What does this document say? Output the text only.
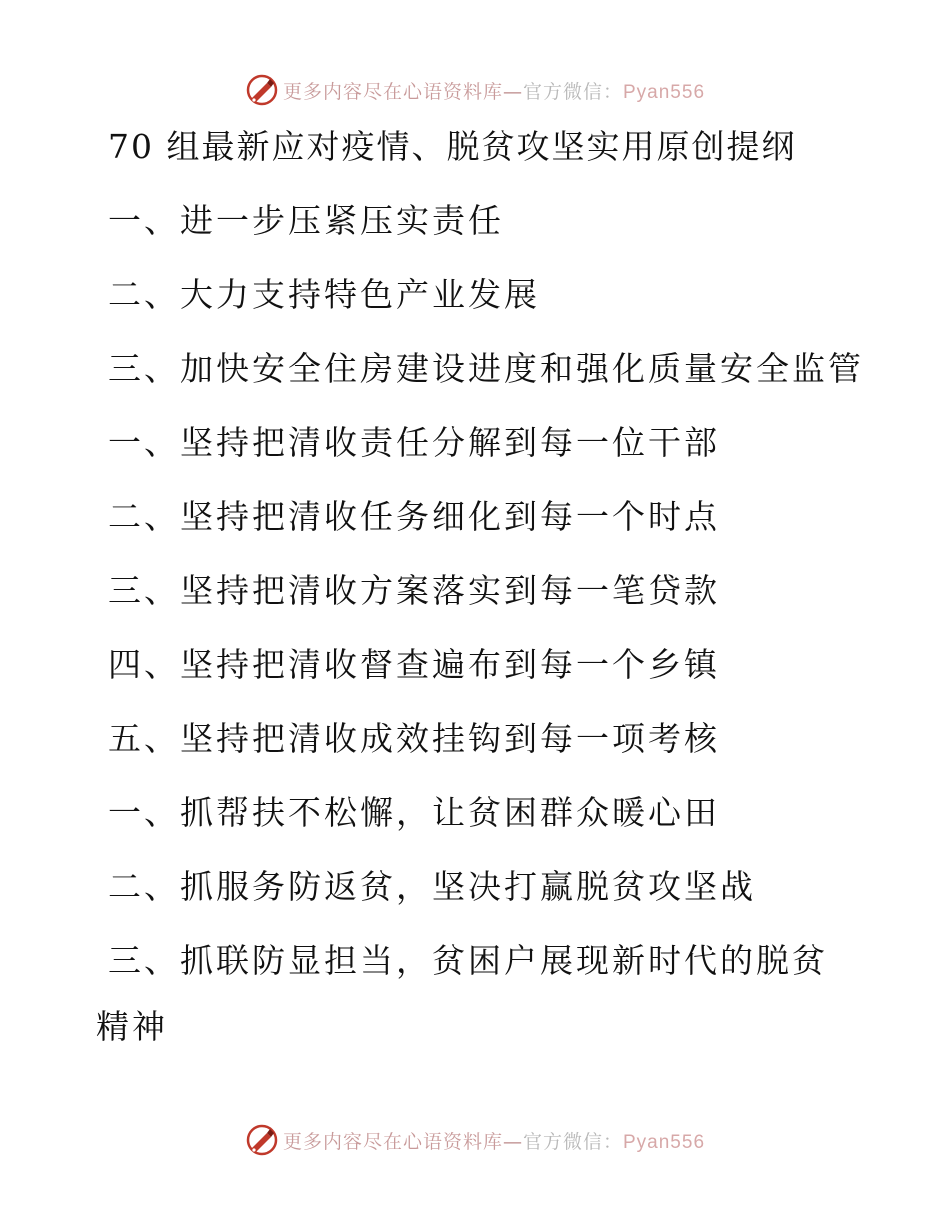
更多内容尽在心语资料库—官方微信：Pyan556
70 组最新应对疫情、脱贫攻坚实用原创提纲
一、进一步压紧压实责任
二、大力支持特色产业发展
三、加快安全住房建设进度和强化质量安全监管
一、坚持把清收责任分解到每一位干部
二、坚持把清收任务细化到每一个时点
三、坚持把清收方案落实到每一笔贷款
四、坚持把清收督查遍布到每一个乡镇
五、坚持把清收成效挂钩到每一项考核
一、抓帮扶不松懈，让贫困群众暖心田
二、抓服务防返贫，坚决打赢脱贫攻坚战
三、抓联防显担当，贫困户展现新时代的脱贫精神
更多内容尽在心语资料库—官方微信：Pyan556
